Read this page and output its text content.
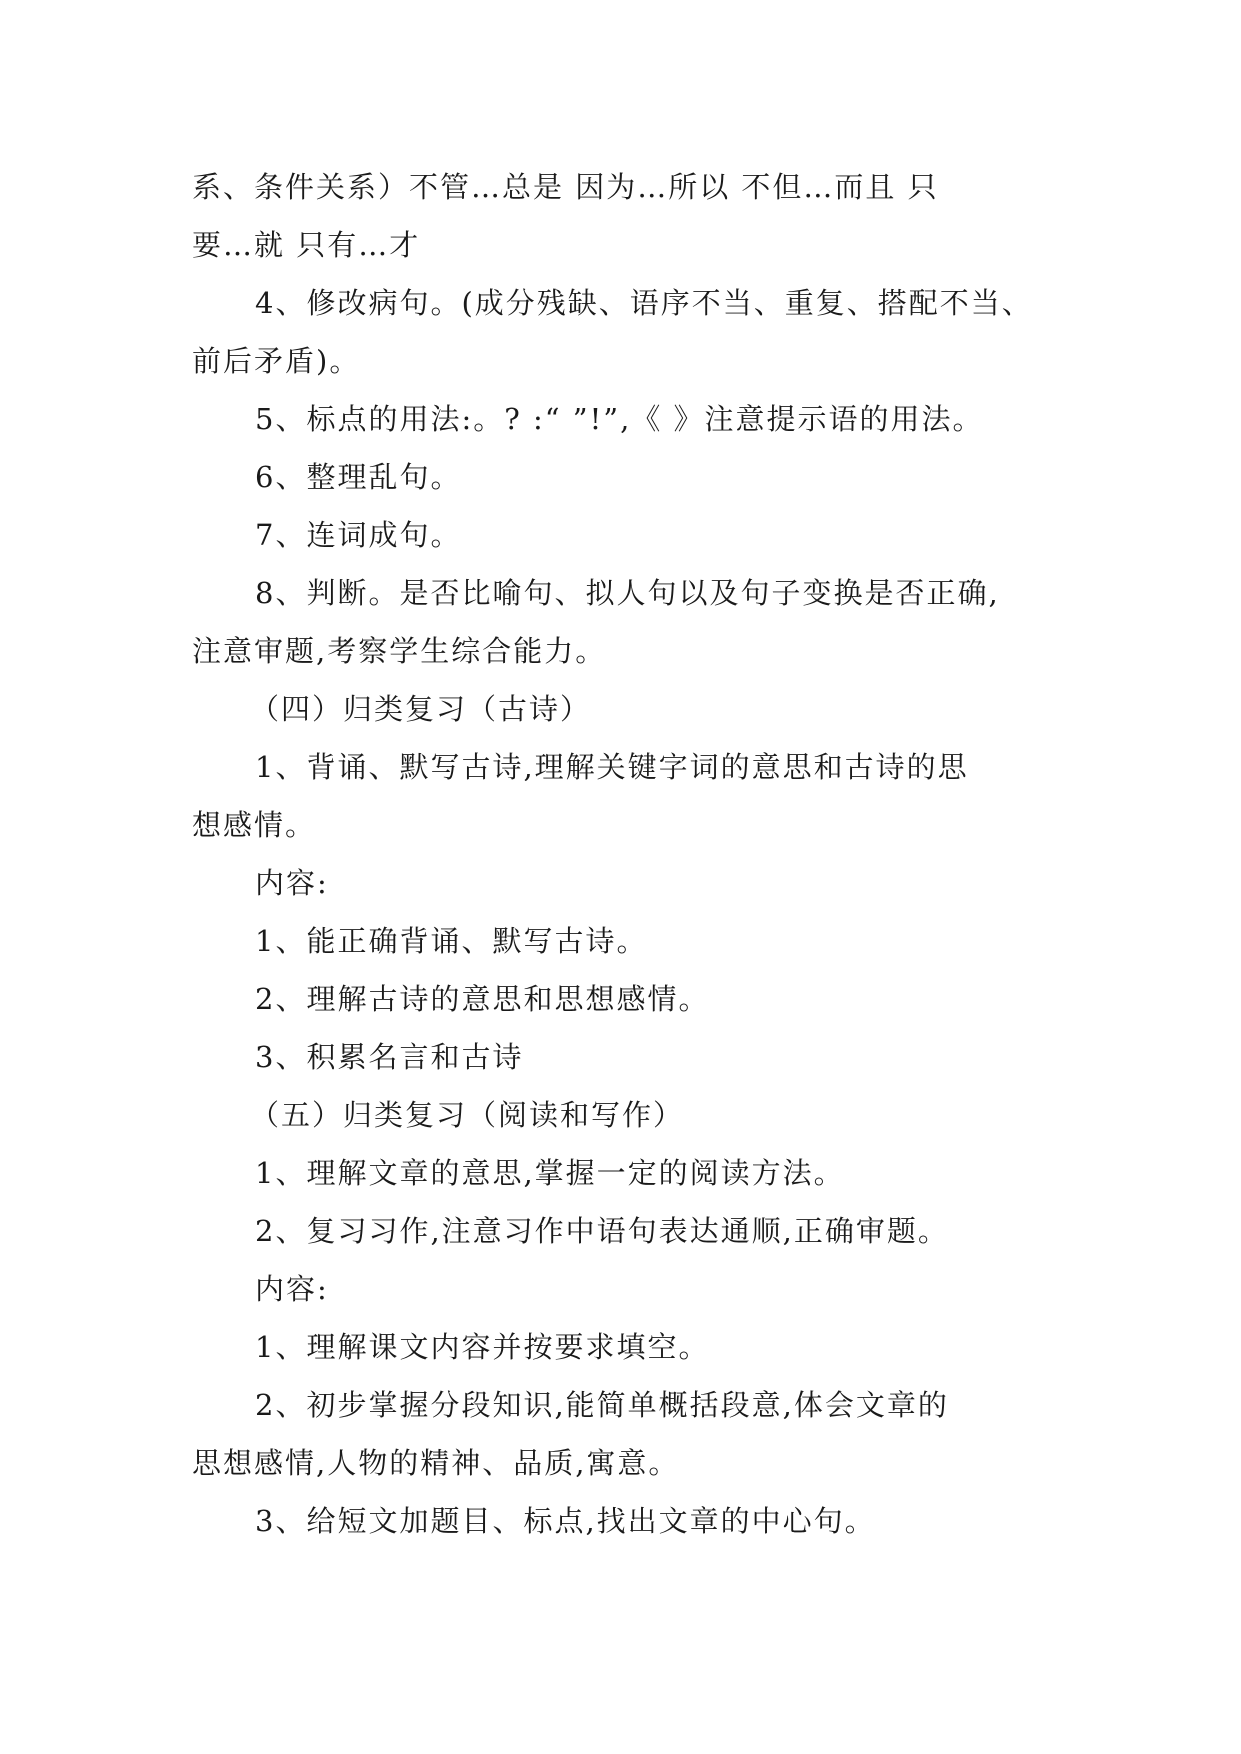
系、条件关系）不管…总是 因为…所以 不但…而且 只
要…就 只有…才
4、修改病句。(成分残缺、语序不当、重复、搭配不当、
前后矛盾)。
5、标点的用法:。? :“ ”!”,《 》注意提示语的用法。
6、整理乱句。
7、连词成句。
8、判断。是否比喻句、拟人句以及句子变换是否正确,
注意审题,考察学生综合能力。
（四）归类复习（古诗）
1、背诵、默写古诗,理解关键字词的意思和古诗的思
想感情。
内容:
1、能正确背诵、默写古诗。
2、理解古诗的意思和思想感情。
3、积累名言和古诗
（五）归类复习（阅读和写作）
1、理解文章的意思,掌握一定的阅读方法。
2、复习习作,注意习作中语句表达通顺,正确审题。
内容:
1、理解课文内容并按要求填空。
2、初步掌握分段知识,能简单概括段意,体会文章的
思想感情,人物的精神、品质,寓意。
3、给短文加题目、标点,找出文章的中心句。
